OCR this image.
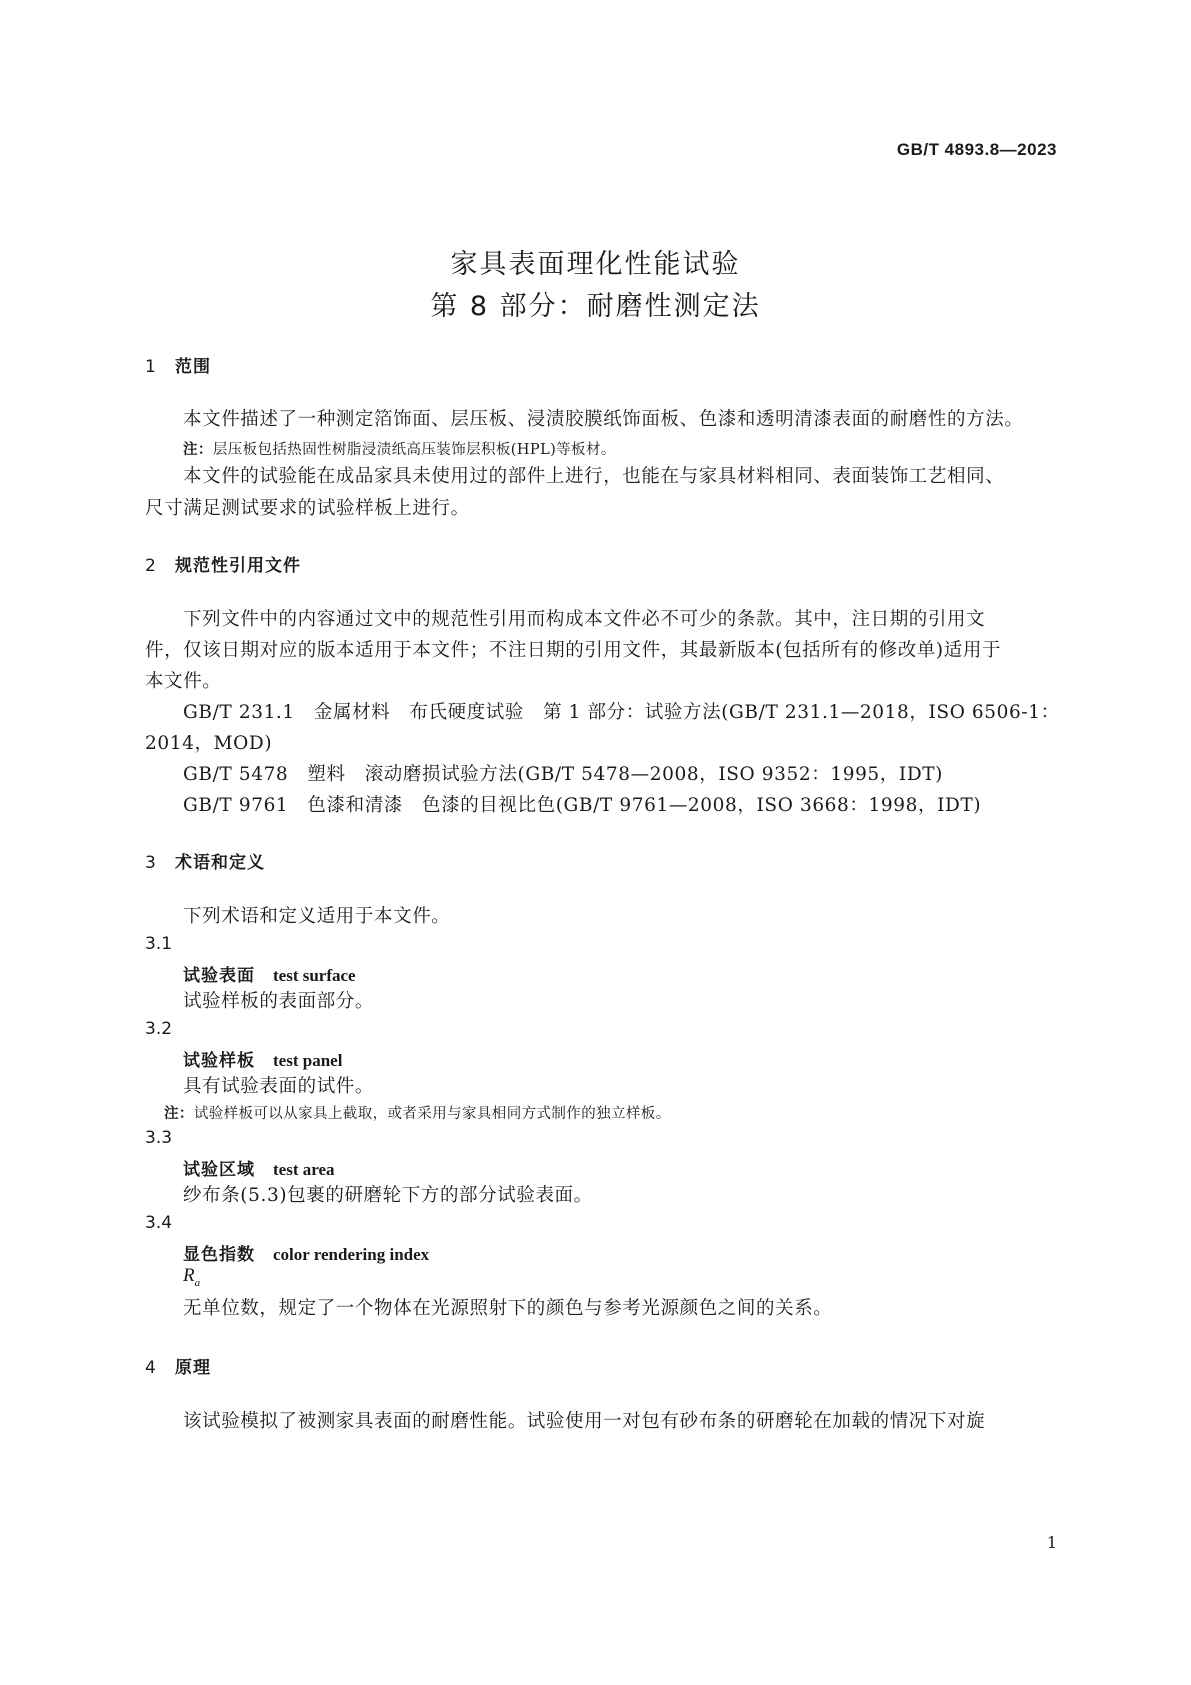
GB/T 4893.8—2023
家具表面理化性能试验
第 8 部分：耐磨性测定法
1 范围
本文件描述了一种测定箔饰面、层压板、浸渍胶膜纸饰面板、色漆和透明清漆表面的耐磨性的方法。
注：层压板包括热固性树脂浸渍纸高压装饰层积板(HPL)等板材。
本文件的试验能在成品家具未使用过的部件上进行，也能在与家具材料相同、表面装饰工艺相同、
尺寸满足测试要求的试验样板上进行。
2 规范性引用文件
下列文件中的内容通过文中的规范性引用而构成本文件必不可少的条款。其中，注日期的引用文
件，仅该日期对应的版本适用于本文件；不注日期的引用文件，其最新版本(包括所有的修改单)适用于
本文件。
GB/T 231.1　金属材料　布氏硬度试验　第 1 部分：试验方法(GB/T 231.1—2018，ISO 6506-1：
2014，MOD)
GB/T 5478　塑料　滚动磨损试验方法(GB/T 5478—2008，ISO 9352：1995，IDT)
GB/T 9761　色漆和清漆　色漆的目视比色(GB/T 9761—2008，ISO 3668：1998，IDT)
3 术语和定义
下列术语和定义适用于本文件。
3.1
试验表面 test surface
试验样板的表面部分。
3.2
试验样板 test panel
具有试验表面的试件。
注：试验样板可以从家具上截取，或者采用与家具相同方式制作的独立样板。
3.3
试验区域 test area
纱布条(5.3)包裹的研磨轮下方的部分试验表面。
3.4
显色指数 color rendering index
$R_a$
无单位数，规定了一个物体在光源照射下的颜色与参考光源颜色之间的关系。
4 原理
该试验模拟了被测家具表面的耐磨性能。试验使用一对包有砂布条的研磨轮在加载的情况下对旋
1
